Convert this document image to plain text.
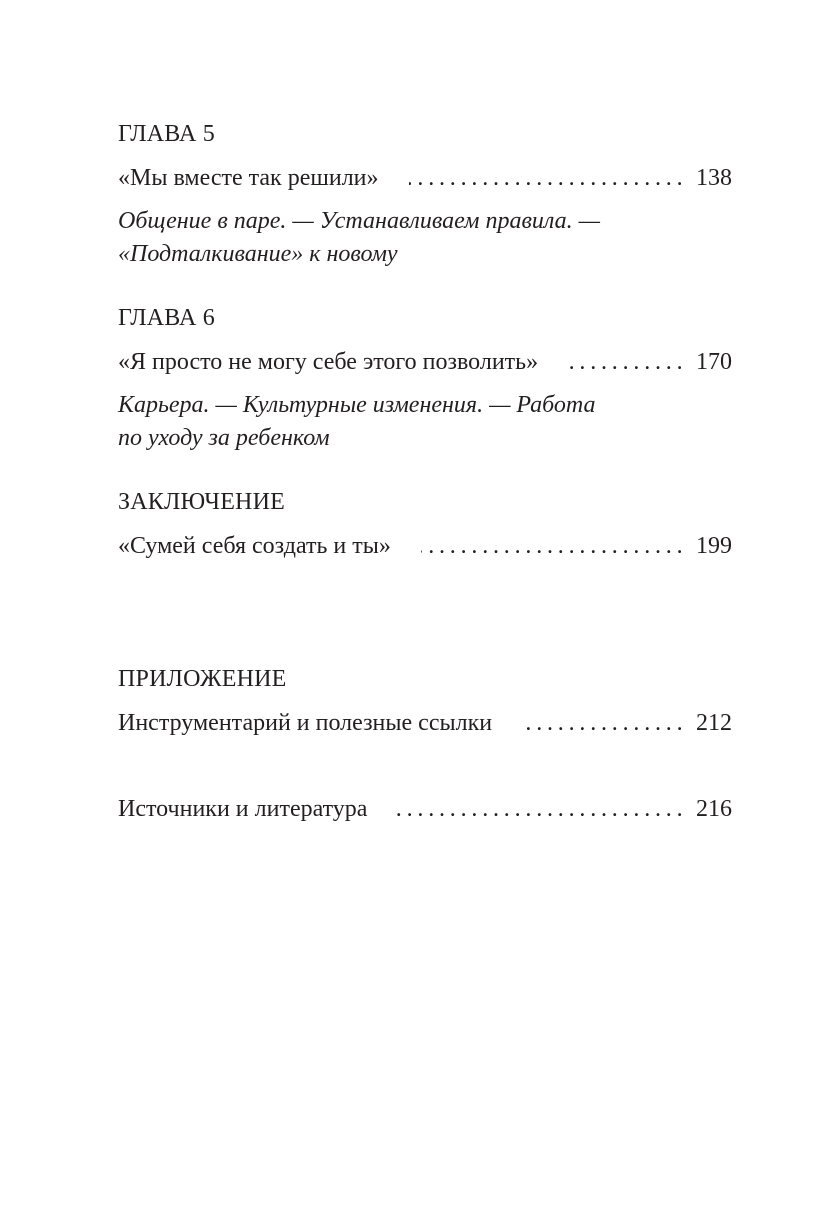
ГЛАВА 5
«Мы вместе так решили» . . .	138
Общение в паре. — Устанавливаем правила. —
«Подталкивание» к новому
ГЛАВА 6
«Я просто не могу себе этого позволить» . . .	170
Карьера. — Культурные изменения. — Работа
по уходу за ребенком
ЗАКЛЮЧЕНИЕ
«Сумей себя создать и ты» . . .	199
ПРИЛОЖЕНИЕ
Инструментарий и полезные ссылки . . .	212
Источники и литература . . .	216
